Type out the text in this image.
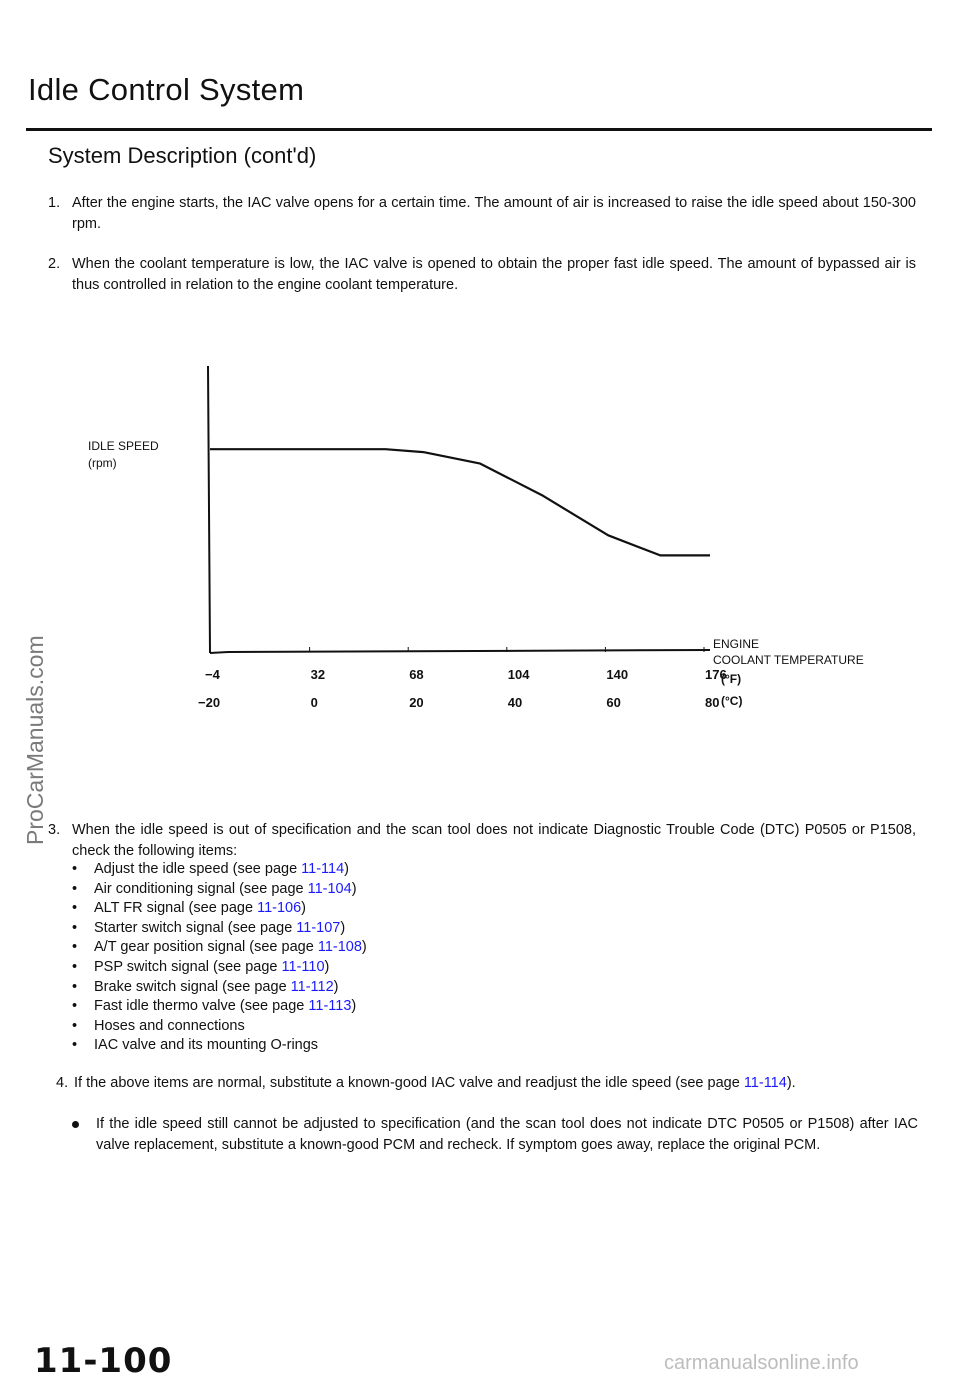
Idle Control System
System Description (cont'd)
1. After the engine starts, the IAC valve opens for a certain time. The amount of air is increased to raise the idle speed about 150-300 rpm.
2. When the coolant temperature is low, the IAC valve is opened to obtain the proper fast idle speed. The amount of bypassed air is thus controlled in relation to the engine coolant temperature.
IDLE SPEED
(rpm)
−4	32	68	104	140	176
−20	0	20	40	60	80
ENGINE
COOLANT TEMPERATURE
(°F)
(°C)
3. When the idle speed is out of specification and the scan tool does not indicate Diagnostic Trouble Code (DTC) P0505 or P1508, check the following items:
• Adjust the idle speed (see page 11-114)
• Air conditioning signal (see page 11-104)
• ALT FR signal (see page 11-106)
• Starter switch signal (see page 11-107)
• A/T gear position signal (see page 11-108)
• PSP switch signal (see page 11-110)
• Brake switch signal (see page 11-112)
• Fast idle thermo valve (see page 11-113)
• Hoses and connections
• IAC valve and its mounting O-rings
4. If the above items are normal, substitute a known-good IAC valve and readjust the idle speed (see page 11-114).
If the idle speed still cannot be adjusted to specification (and the scan tool does not indicate DTC P0505 or P1508) after IAC valve replacement, substitute a known-good PCM and recheck. If symptom goes away, replace the original PCM.
11-100
ProCarManuals.com
carmanualsonline.info
